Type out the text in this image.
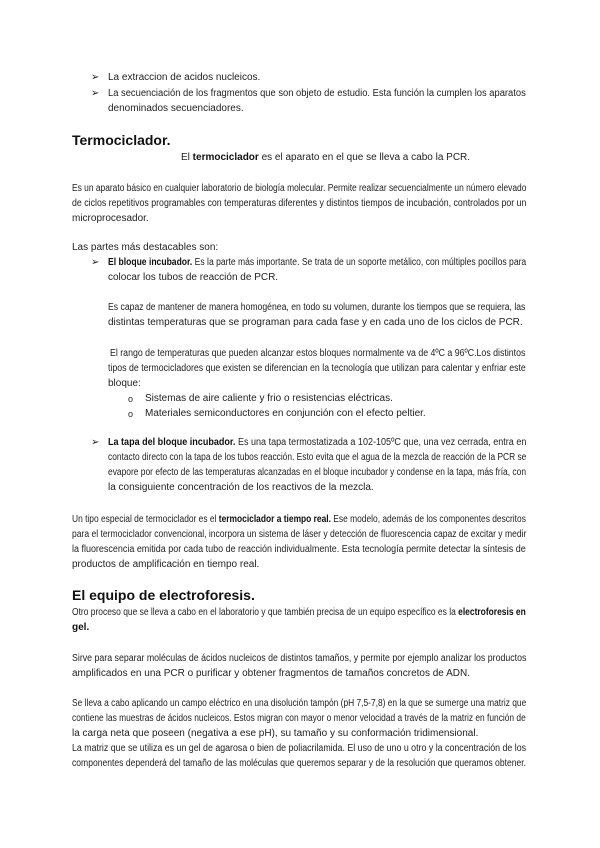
➢ La extraccion de acidos nucleicos.
➢ La secuenciación de los fragmentos que son objeto de estudio. Esta función la cumplen los aparatos
denominados secuenciadores.
Termociclador.
El termociclador es el aparato en el que se lleva a cabo la PCR.
Es un aparato básico en cualquier laboratorio de biología molecular. Permite realizar secuencialmente un número elevado
de ciclos repetitivos programables con temperaturas diferentes y distintos tiempos de incubación, controlados por un
microprocesador.
Las partes más destacables son:
➢ El bloque incubador. Es la parte más importante. Se trata de un soporte metálico, con múltiples pocillos para
colocar los tubos de reacción de PCR.
Es capaz de mantener de manera homogénea, en todo su volumen, durante los tiempos que se requiera, las
distintas temperaturas que se programan para cada fase y en cada uno de los ciclos de PCR.
El rango de temperaturas que pueden alcanzar estos bloques normalmente va de 4ºC a 96ºC.Los distintos
tipos de termocicladores que existen se diferencian en la tecnología que utilizan para calentar y enfriar este
bloque:
o Sistemas de aire caliente y frio o resistencias eléctricas.
o Materiales semiconductores en conjunción con el efecto peltier.
➢ La tapa del bloque incubador. Es una tapa termostatizada a 102-105ºC que, una vez cerrada, entra en
contacto directo con la tapa de los tubos reacción. Esto evita que el agua de la mezcla de reacción de la PCR se
evapore por efecto de las temperaturas alcanzadas en el bloque incubador y condense en la tapa, más fría, con
la consiguiente concentración de los reactivos de la mezcla.
Un tipo especial de termociclador es el termociclador a tiempo real. Ese modelo, además de los componentes descritos
para el termociclador convencional, incorpora un sistema de láser y detección de fluorescencia capaz de excitar y medir
la fluorescencia emitida por cada tubo de reacción individualmente. Esta tecnología permite detectar la síntesis de
productos de amplificación en tiempo real.
El equipo de electroforesis.
Otro proceso que se lleva a cabo en el laboratorio y que también precisa de un equipo específico es la electroforesis en
gel.
Sirve para separar moléculas de ácidos nucleicos de distintos tamaños, y permite por ejemplo analizar los productos
amplificados en una PCR o purificar y obtener fragmentos de tamaños concretos de ADN.
Se lleva a cabo aplicando un campo eléctrico en una disolución tampón (pH 7,5-7,8) en la que se sumerge una matriz que
contiene las muestras de ácidos nucleicos. Estos migran con mayor o menor velocidad a través de la matriz en función de
la carga neta que poseen (negativa a ese pH), su tamaño y su conformación tridimensional.
La matriz que se utiliza es un gel de agarosa o bien de poliacrilamida. El uso de uno u otro y la concentración de los
componentes dependerá del tamaño de las moléculas que queremos separar y de la resolución que queramos obtener.
